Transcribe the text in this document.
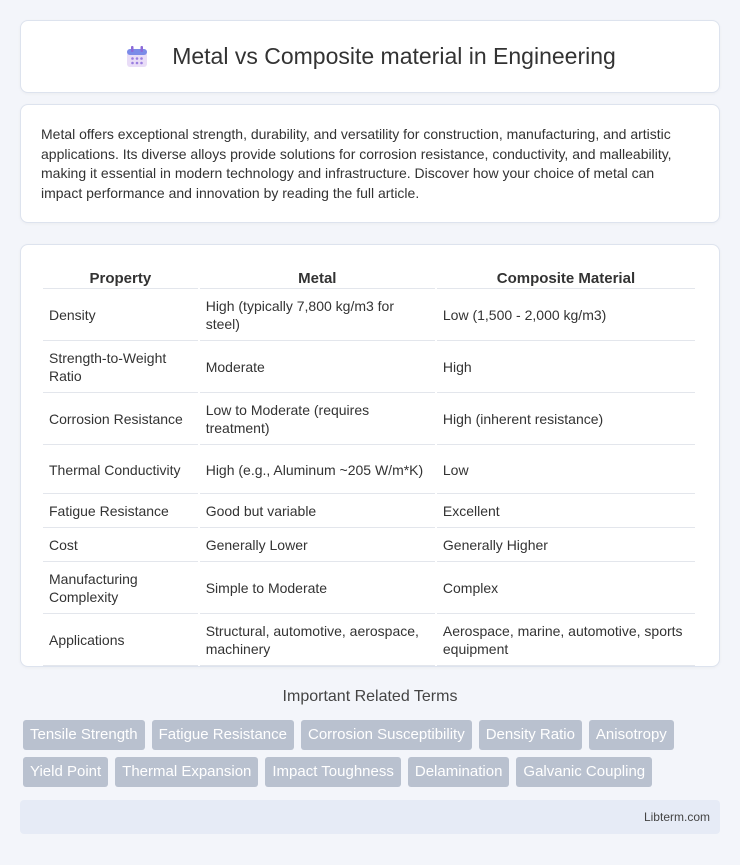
Metal vs Composite material in Engineering

Metal offers exceptional strength, durability, and versatility for construction, manufacturing, and artistic applications. Its diverse alloys provide solutions for corrosion resistance, conductivity, and malleability, making it essential in modern technology and infrastructure. Discover how your choice of metal can impact performance and innovation by reading the full article.

Property	Metal	Composite Material
Density	High (typically 7,800 kg/m3 for steel)	Low (1,500 - 2,000 kg/m3)
Strength-to-Weight Ratio	Moderate	High
Corrosion Resistance	Low to Moderate (requires treatment)	High (inherent resistance)
Thermal Conductivity	High (e.g., Aluminum ~205 W/m*K)	Low
Fatigue Resistance	Good but variable	Excellent
Cost	Generally Lower	Generally Higher
Manufacturing Complexity	Simple to Moderate	Complex
Applications	Structural, automotive, aerospace, machinery	Aerospace, marine, automotive, sports equipment
Important Related Terms
Tensile Strength	Fatigue Resistance	Corrosion Susceptibility	Density Ratio	Anisotropy
Yield Point	Thermal Expansion	Impact Toughness	Delamination	Galvanic Coupling
Libterm.com
